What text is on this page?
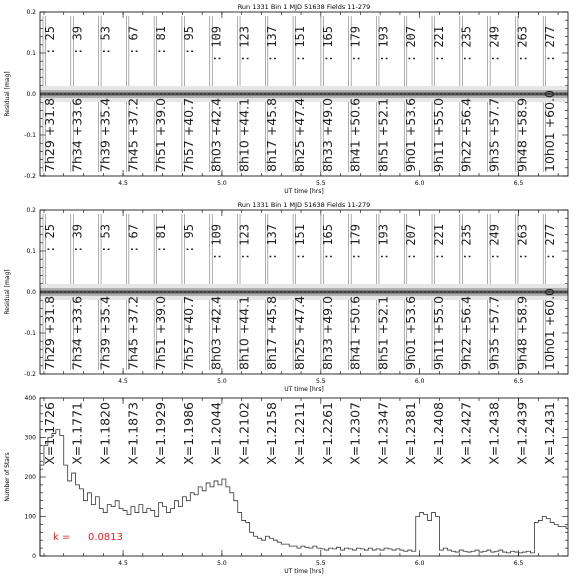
Run 1331 Bin 1 MJD 51638 Fields 11-279
Residual [mag]
UT time [hrs]
-0.2
-0.1
0.0
0.1
0.2
4.5	5.0	5.5	6.0	6.5
: 25 : 39 : 53 : 67 : 81 : 95 : 109 : 123 : 137 : 151 : 165 : 179 : 193 : 207 : 221 : 235 : 249 : 263 : 277
7h29 +31.8 7h34 +33.6 7h39 +35.4 7h45 +37.2 7h51 +39.0 7h57 +40.7 8h03 +42.4 8h10 +44.1 8h17 +45.8 8h25 +47.4 8h33 +49.0 8h41 +50.6 8h51 +52.1 9h01 +53.6 9h11 +55.0 9h22 +56.4 9h35 +57.7 9h48 +58.9 10h01 +60.0
Run 1331 Bin 1 MJD 51638 Fields 11-279
Residual [mag]
UT time [hrs]
-0.2
-0.1
0.0
0.1
0.2
4.5	5.0	5.5	6.0	6.5
: 25 : 39 : 53 : 67 : 81 : 95 : 109 : 123 : 137 : 151 : 165 : 179 : 193 : 207 : 221 : 235 : 249 : 263 : 277
7h29 +31.8 7h34 +33.6 7h39 +35.4 7h45 +37.2 7h51 +39.0 7h57 +40.7 8h03 +42.4 8h10 +44.1 8h17 +45.8 8h25 +47.4 8h33 +49.0 8h41 +50.6 8h51 +52.1 9h01 +53.6 9h11 +55.0 9h22 +56.4 9h35 +57.7 9h48 +58.9 10h01 +60.0
Number of Stars
UT time [hrs]
0
100
200
300
400
4.5	5.0	5.5	6.0	6.5
X=1.1726 X=1.1771 X=1.1820 X=1.1873 X=1.1929 X=1.1986 X=1.2044 X=1.2102 X=1.2158 X=1.2211 X=1.2261 X=1.2307 X=1.2347 X=1.2381 X=1.2408 X=1.2427 X=1.2438 X=1.2439 X=1.2431
k = 0.0813
